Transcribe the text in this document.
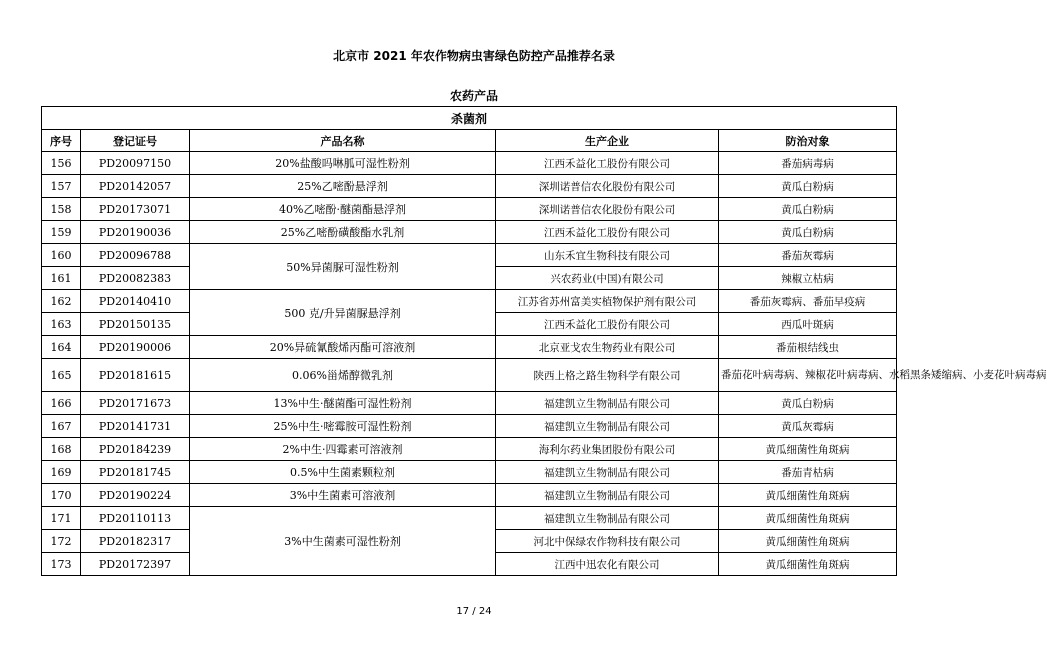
北京市 2021 年农作物病虫害绿色防控产品推荐名录
农药产品
杀菌剂				
序号	登记证号	产品名称	生产企业	防治对象
156	PD20097150	20%盐酸吗啉胍可湿性粉剂	江西禾益化工股份有限公司	番茄病毒病
157	PD20142057	25%乙嘧酚悬浮剂	深圳诺普信农化股份有限公司	黄瓜白粉病
158	PD20173071	40%乙嘧酚·醚菌酯悬浮剂	深圳诺普信农化股份有限公司	黄瓜白粉病
159	PD20190036	25%乙嘧酚磺酸酯水乳剂	江西禾益化工股份有限公司	黄瓜白粉病
160	PD20096788	50%异菌脲可湿性粉剂	山东禾宜生物科技有限公司	番茄灰霉病
161	PD20082383		兴农药业(中国)有限公司	辣椒立枯病
162	PD20140410	500 克/升异菌脲悬浮剂	江苏省苏州富美实植物保护剂有限公司	番茄灰霉病、番茄早疫病
163	PD20150135		江西禾益化工股份有限公司	西瓜叶斑病
164	PD20190006	20%异硫氰酸烯丙酯可溶液剂	北京亚戈农生物药业有限公司	番茄根结线虫
165	PD20181615	0.06%甾烯醇微乳剂	陕西上格之路生物科学有限公司	番茄花叶病毒病、辣椒花叶病毒病、水稻黑条矮缩病、小麦花叶病毒病
166	PD20171673	13%中生·醚菌酯可湿性粉剂	福建凯立生物制品有限公司	黄瓜白粉病
167	PD20141731	25%中生·嘧霉胺可湿性粉剂	福建凯立生物制品有限公司	黄瓜灰霉病
168	PD20184239	2%中生·四霉素可溶液剂	海利尔药业集团股份有限公司	黄瓜细菌性角斑病
169	PD20181745	0.5%中生菌素颗粒剂	福建凯立生物制品有限公司	番茄青枯病
170	PD20190224	3%中生菌素可溶液剂	福建凯立生物制品有限公司	黄瓜细菌性角斑病
171	PD20110113	3%中生菌素可湿性粉剂	福建凯立生物制品有限公司	黄瓜细菌性角斑病
172	PD20182317		河北中保绿农作物科技有限公司	黄瓜细菌性角斑病
173	PD20172397		江西中迅农化有限公司	黄瓜细菌性角斑病
17 / 24
